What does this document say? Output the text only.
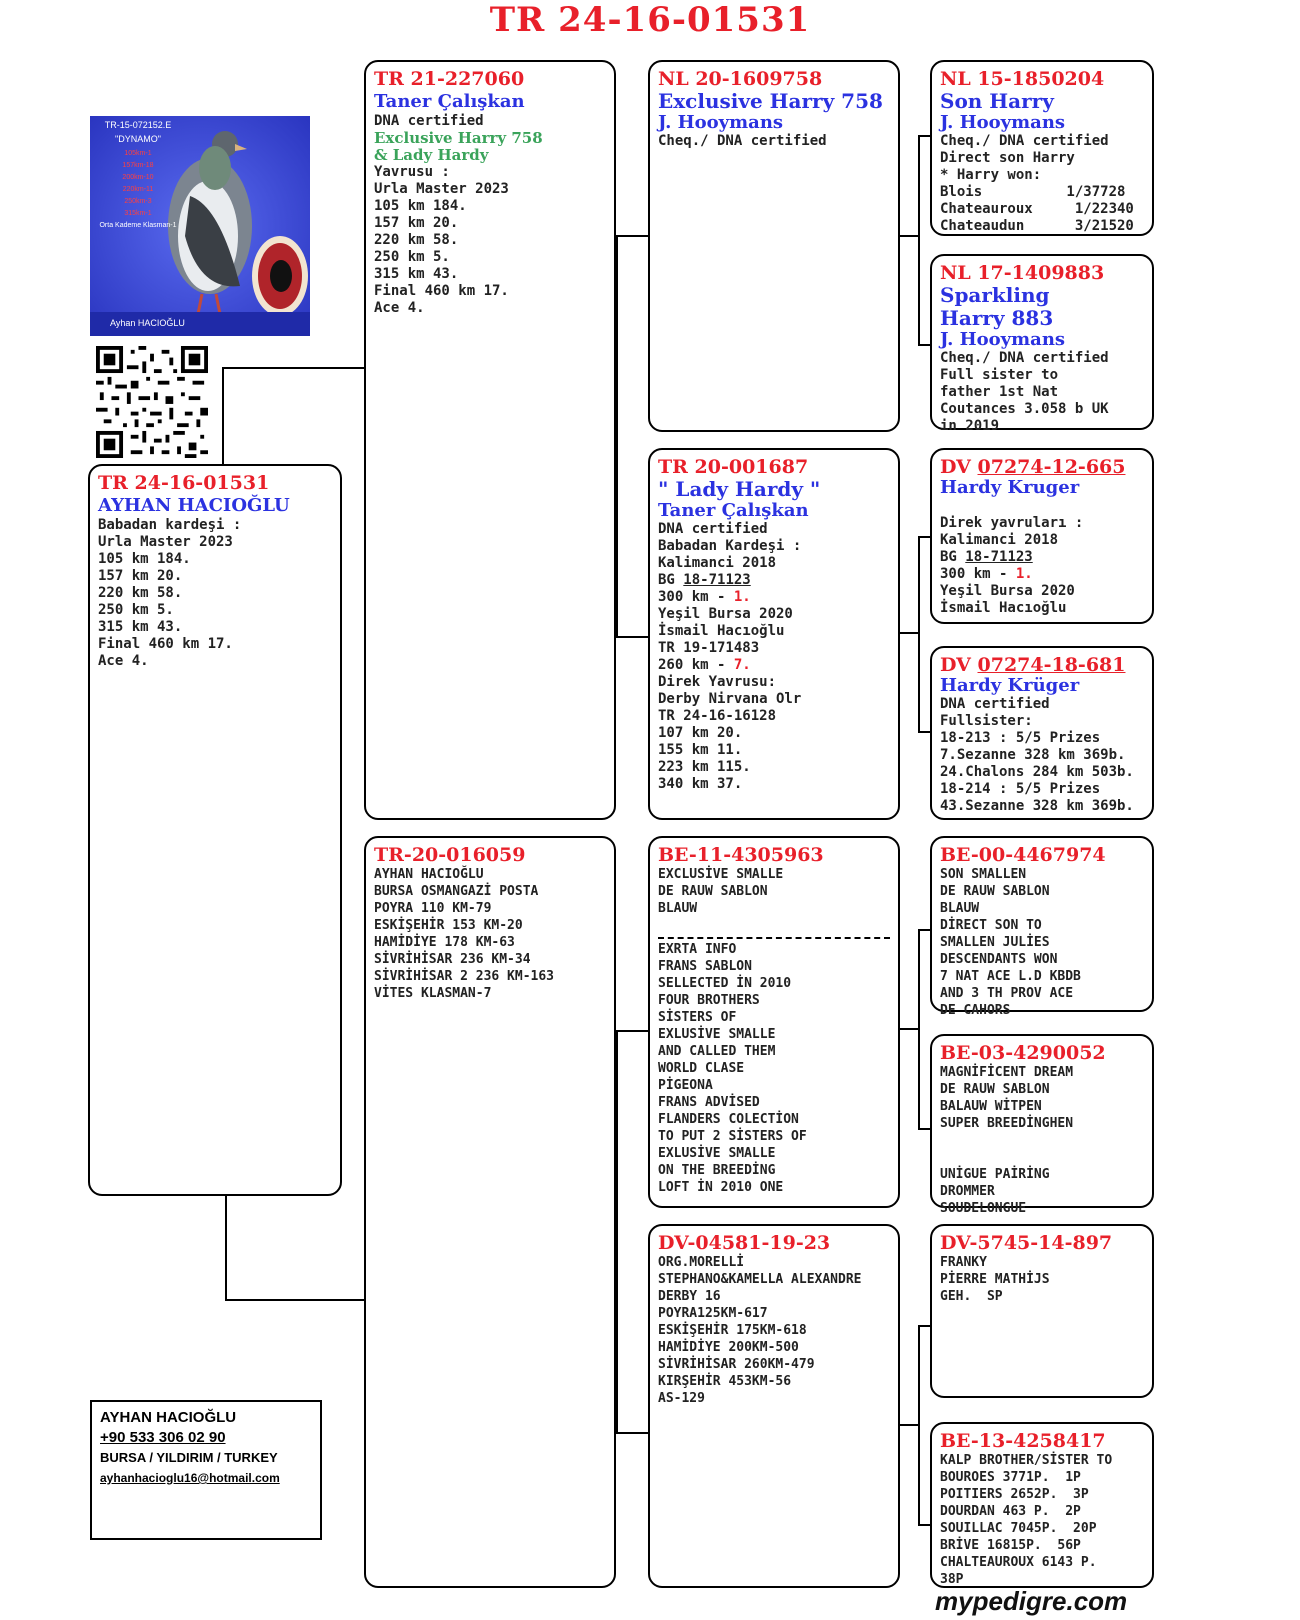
TR 24-16-01531
TR-15-072152.E
"DYNAMO"
105km-1
157km-18
200km-10
220km-11
250km-3
315km-1
Orta Kademe Klasman-1
Ayhan HACIOĞLU
TR 24-16-01531
AYHAN HACIOĞLU
Babadan kardeşi :
Urla Master 2023
105 km 184.
157 km 20.
220 km 58.
250 km 5.
315 km 43.
Final 460 km 17.
Ace 4.
TR 21-227060
Taner Çalışkan
DNA certified
Exclusive Harry 758
& Lady Hardy
Yavrusu :
Urla Master 2023
105 km 184.
157 km 20.
220 km 58.
250 km 5.
315 km 43.
Final 460 km 17.
Ace 4.
TR-20-016059
AYHAN HACIOĞLU
BURSA OSMANGAZİ POSTA
POYRA 110 KM-79
ESKİŞEHİR 153 KM-20
HAMİDİYE 178 KM-63
SİVRİHİSAR 236 KM-34
SİVRİHİSAR 2 236 KM-163
VİTES KLASMAN-7
NL 20-1609758
Exclusive Harry 758
J. Hooymans
Cheq./ DNA certified
TR 20-001687
" Lady Hardy "
Taner Çalışkan
DNA certified
Babadan Kardeşi :
Kalimanci 2018
BG 18-71123
300 km - 1.
Yeşil Bursa 2020
İsmail Hacıoğlu
TR 19-171483
260 km - 7.
Direk Yavrusu:
Derby Nirvana Olr
TR 24-16-16128
107 km 20.
155 km 11.
223 km 115.
340 km 37.
BE-11-4305963
EXCLUSİVE SMALLE
DE RAUW SABLON
BLAUW
EXRTA INFO
FRANS SABLON
SELLECTED İN 2010
FOUR BROTHERS
SİSTERS OF
EXLUSİVE SMALLE
AND CALLED THEM
WORLD CLASE
PİGEONA
FRANS ADVİSED
FLANDERS COLECTİON
TO PUT 2 SİSTERS OF
EXLUSİVE SMALLE
ON THE BREEDİNG
LOFT İN 2010 ONE
DV-04581-19-23
ORG.MORELLİ
STEPHANO&KAMELLA ALEXANDRE
DERBY 16
POYRA125KM-617
ESKİŞEHİR 175KM-618
HAMİDİYE 200KM-500
SİVRİHİSAR 260KM-479
KIRŞEHİR 453KM-56
AS-129
NL 15-1850204
Son Harry
J. Hooymans
Cheq./ DNA certified
Direct son Harry
* Harry won:
Blois          1/37728
Chateauroux     1/22340
Chateaudun      3/21520
NL 17-1409883
Sparkling Harry 883
J. Hooymans
Cheq./ DNA certified
Full sister to
father 1st Nat
Coutances 3.058 b UK
in 2019
DV 07274-12-665
Hardy Kruger
Direk yavruları :
Kalimanci 2018
BG 18-71123
300 km - 1.
Yeşil Bursa 2020
İsmail Hacıoğlu
DV 07274-18-681
Hardy Krüger
DNA certified
Fullsister:
18-213 : 5/5 Prizes
7.Sezanne 328 km 369b.
24.Chalons 284 km 503b.
18-214 : 5/5 Prizes
43.Sezanne 328 km 369b.
BE-00-4467974
SON SMALLEN
DE RAUW SABLON
BLAUW
DİRECT SON TO
SMALLEN JULİES
DESCENDANTS WON
7 NAT ACE L.D KBDB
AND 3 TH PROV ACE
DE CAHORS
BE-03-4290052
MAGNİFİCENT DREAM
DE RAUW SABLON
BALAUW WİTPEN
SUPER BREEDİNGHEN
UNİGUE PAİRİNG
DROMMER
SOUDELONGUE
DV-5745-14-897
FRANKY
PİERRE MATHİJS
GEH.  SP
BE-13-4258417
KALP BROTHER/SİSTER TO
BOUROES 3771P.  1P
POITIERS 2652P.  3P
DOURDAN 463 P.  2P
SOUILLAC 7045P.  20P
BRİVE 16815P.  56P
CHALTEAUROUX 6143 P.
38P
AYHAN HACIOĞLU
+90 533 306 02 90
BURSA / YILDIRIM / TURKEY
ayhanhacioglu16@hotmail.com
mypedigre.com
